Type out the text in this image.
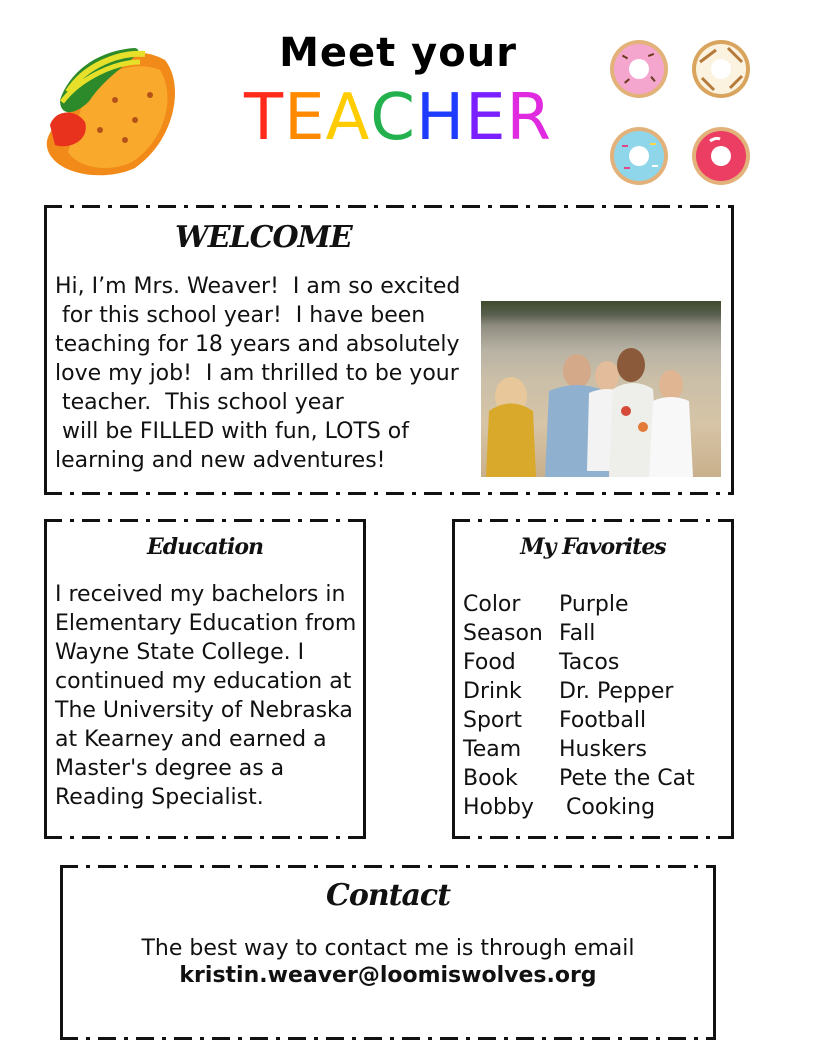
Meet your
TEACHER
WELCOME
Hi, I’m Mrs. Weaver!  I am so excited
for this school year!  I have been
teaching for 18 years and absolutely
love my job!  I am thrilled to be your
teacher.  This school year
will be FILLED with fun, LOTS of
learning and new adventures!
Education
I received my bachelors in Elementary Education from Wayne State College. I continued my education at The University of Nebraska at Kearney and earned a Master's degree as a Reading Specialist.
My Favorites
Color	Purple
Season Fall
Food	Tacos
Drink	Dr. Pepper
Sport	Football
Team	Huskers
Book	Pete the Cat
Hobby	Cooking
Contact
The best way to contact me is through email
kristin.weaver@loomiswolves.org
